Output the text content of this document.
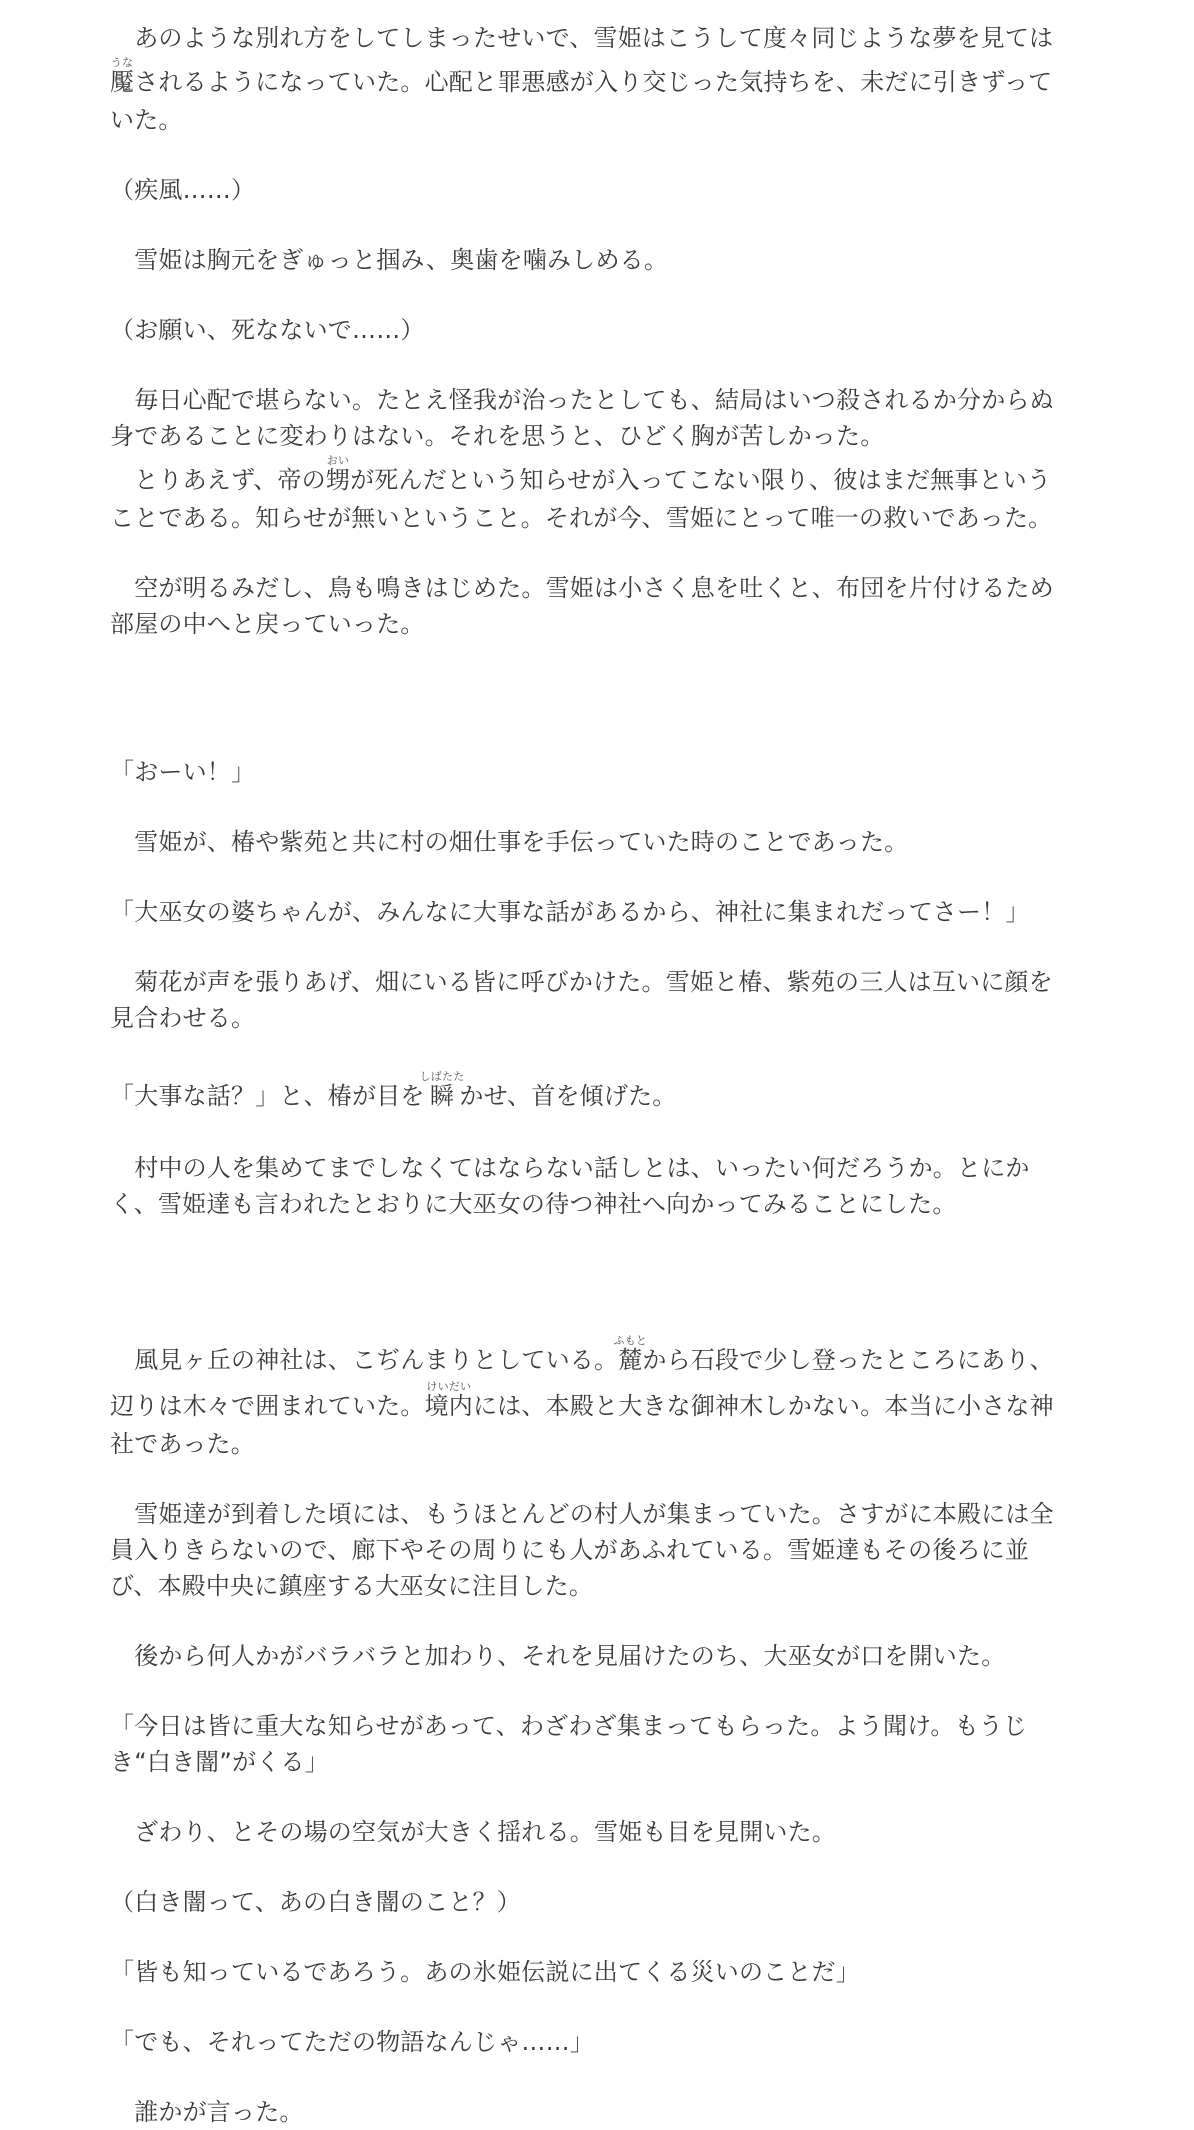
　あのような別れ方をしてしまったせいで、雪姫はこうして度々同じような夢を見ては
魘うなされるようになっていた。心配と罪悪感が入り交じった気持ちを、未だに引きずって
いた。
（疾風……）
　雪姫は胸元をぎゅっと掴み、奥歯を噛みしめる。
（お願い、死なないで……）
　毎日心配で堪らない。たとえ怪我が治ったとしても、結局はいつ殺されるか分からぬ
身であることに変わりはない。それを思うと、ひどく胸が苦しかった。
　とりあえず、帝の甥おいが死んだという知らせが入ってこない限り、彼はまだ無事という
ことである。知らせが無いということ。それが今、雪姫にとって唯一の救いであった。
　空が明るみだし、鳥も鳴きはじめた。雪姫は小さく息を吐くと、布団を片付けるため
部屋の中へと戻っていった。
「おーい！」
　雪姫が、椿や紫苑と共に村の畑仕事を手伝っていた時のことであった。
「大巫女の婆ちゃんが、みんなに大事な話があるから、神社に集まれだってさー！」
　菊花が声を張りあげ、畑にいる皆に呼びかけた。雪姫と椿、紫苑の三人は互いに顔を
見合わせる。
「大事な話？」と、椿が目を瞬しばたたかせ、首を傾げた。
　村中の人を集めてまでしなくてはならない話しとは、いったい何だろうか。とにか
く、雪姫達も言われたとおりに大巫女の待つ神社へ向かってみることにした。
　風見ヶ丘の神社は、こぢんまりとしている。麓ふもとから石段で少し登ったところにあり、
辺りは木々で囲まれていた。境内けいだいには、本殿と大きな御神木しかない。本当に小さな神
社であった。
　雪姫達が到着した頃には、もうほとんどの村人が集まっていた。さすがに本殿には全
員入りきらないので、廊下やその周りにも人があふれている。雪姫達もその後ろに並
び、本殿中央に鎮座する大巫女に注目した。
　後から何人かがバラバラと加わり、それを見届けたのち、大巫女が口を開いた。
「今日は皆に重大な知らせがあって、わざわざ集まってもらった。よう聞け。もうじ
き“白き闇”がくる」
　ざわり、とその場の空気が大きく揺れる。雪姫も目を見開いた。
（白き闇って、あの白き闇のこと？）
「皆も知っているであろう。あの氷姫伝説に出てくる災いのことだ」
「でも、それってただの物語なんじゃ……」
　誰かが言った。
